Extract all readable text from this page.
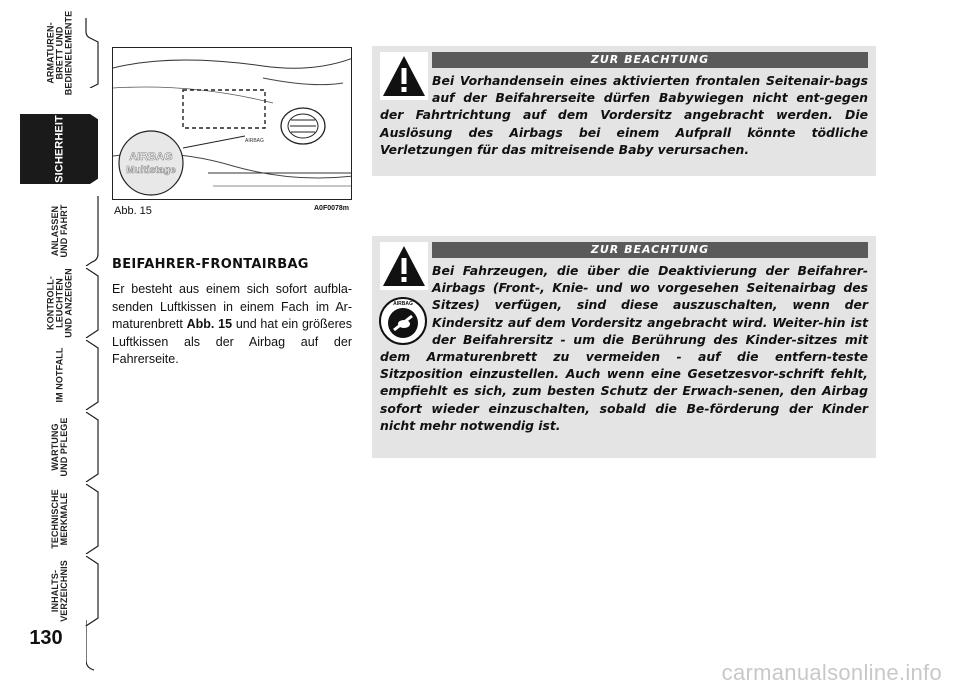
ARMATUREN-
BRETT UND
BEDIENELEMENTE
SICHERHEIT
ANLASSEN
UND FAHRT
KONTROLL-
LEUCHTEN
UND ANZEIGEN
IM NOTFALL
WARTUNG
UND PFLEGE
TECHNISCHE
MERKMALE
INHALTS-
VERZEICHNIS
130
AIRBAG
Multistage
AIRBAG
Abb. 15	A0F0078m
BEIFAHRER-FRONTAIRBAG
Er besteht aus einem sich sofort aufbla-senden Luftkissen in einem Fach im Ar-maturenbrett Abb. 15 und hat ein größeres Luftkissen als der Airbag auf der Fahrerseite.
ZUR BEACHTUNG
Bei Vorhandensein eines aktivierten frontalen Seitenair-bags auf der Beifahrerseite dürfen Babywiegen nicht ent-gegen der Fahrtrichtung auf dem Vordersitz angebracht werden. Die Auslösung des Airbags bei einem Aufprall könnte tödliche Verletzungen für das mitreisende Baby verursachen.
AIRBAG
ZUR BEACHTUNG
Bei Fahrzeugen, die über die Deaktivierung der Beifahrer-Airbags (Front-, Knie- und wo vorgesehen Seitenairbag des Sitzes) verfügen, sind diese auszuschalten, wenn der Kindersitz auf dem Vordersitz angebracht wird. Weiter-hin ist der Beifahrersitz - um die Berührung des Kinder-sitzes mit dem Armaturenbrett zu vermeiden - auf die entfern-teste Sitzposition einzustellen. Auch wenn eine Gesetzesvor-schrift fehlt, empfiehlt es sich, zum besten Schutz der Erwach-senen, den Airbag sofort wieder einzuschalten, sobald die Be-förderung der Kinder nicht mehr notwendig ist.
carmanualsonline.info
